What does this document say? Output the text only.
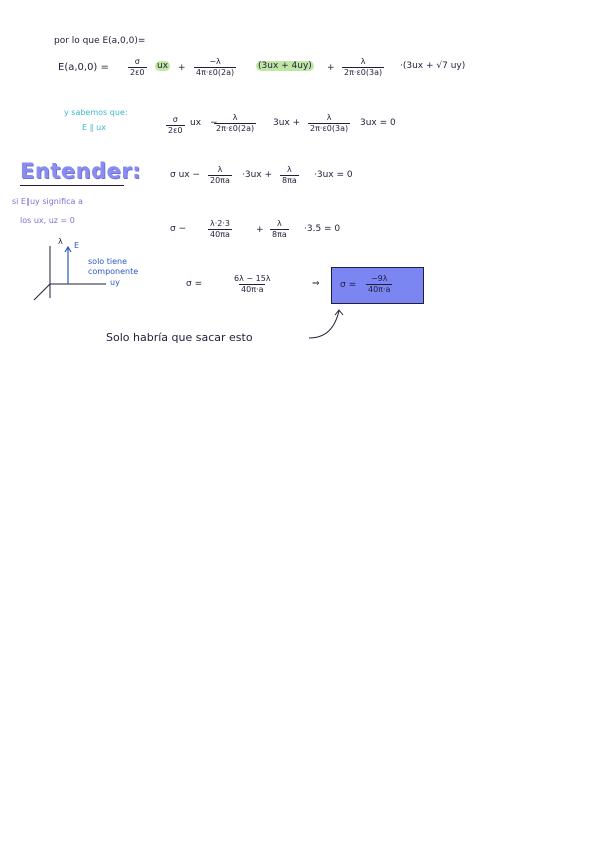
por lo que E(a,0,0)=
$E(a,0,0) = \frac{\sigma}{2\varepsilon 0}$ ux + $\frac{-\lambda}{4\pi\cdot\varepsilon 0(2a)} (3ux + 4uy) + \frac{\lambda}{2\pi\cdot\varepsilon 0(3a)} \cdot(3ux + √7$ uy)
y sabemos que:
E ∥ ux	$\frac{\sigma}{2\varepsilon 0}$ ux −
$\frac{\lambda}{2\pi\cdot\varepsilon 0(2a)} 3ux + \frac{\lambda}{2\pi\cdot\varepsilon 0(3a)} 3ux = 0$
Entender:
si E∥uy significa a
los ux, uz = 0
σ ux − $\frac{\lambda}{20\pi a} \cdot 3ux + \frac{\lambda}{8\pi a} \cdot 3ux = 0$
σ −	$\frac{\lambda\cdot 2\cdot 3}{40\pi a}$	+ $\frac{\lambda}{8\pi a} \cdot 3.5 = 0$
λ E
solo tiene
componente
uy	σ =	$\frac{6\lambda - 15\lambda}{40\pi\cdot a}$	⇒ $\sigma = \frac{-9\lambda}{40\pi\cdot a}$
Solo habría que sacar esto
